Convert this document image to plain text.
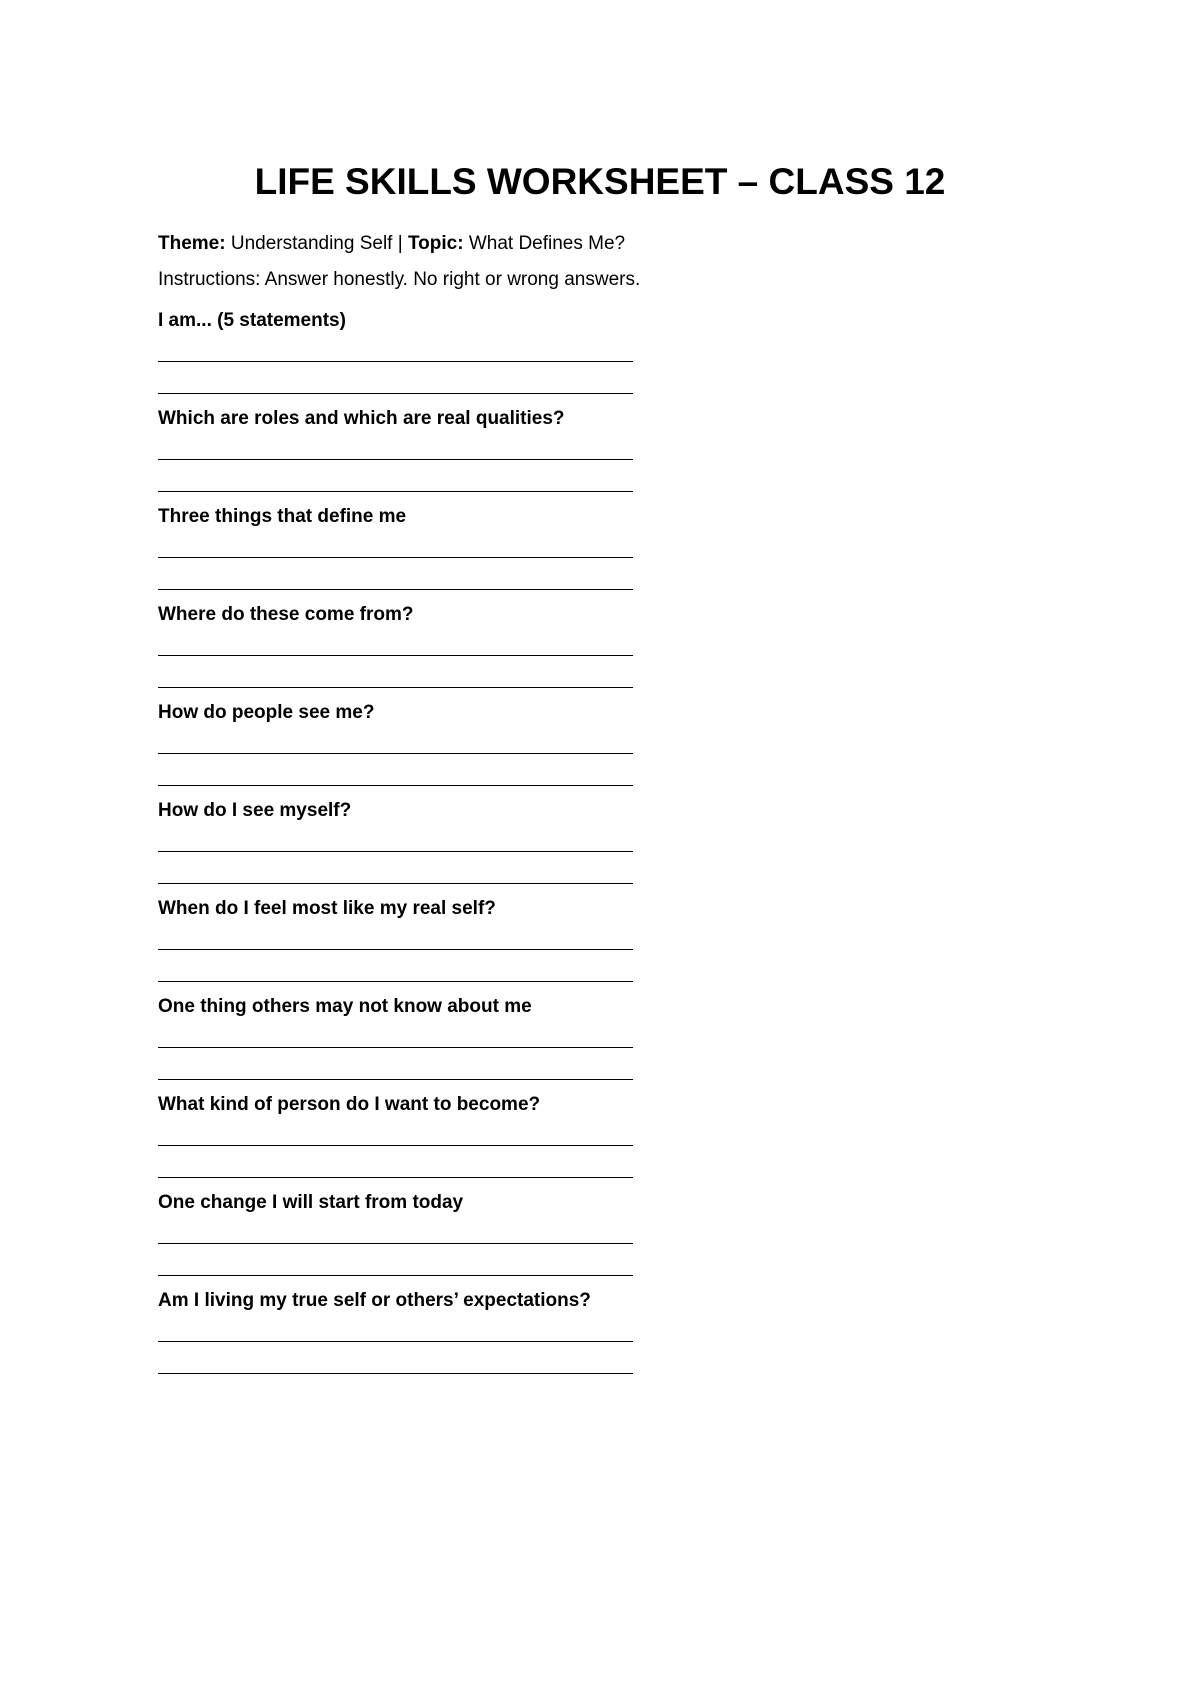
LIFE SKILLS WORKSHEET – CLASS 12
Theme: Understanding Self | Topic: What Defines Me?
Instructions: Answer honestly. No right or wrong answers.
I am... (5 statements)
Which are roles and which are real qualities?
Three things that define me
Where do these come from?
How do people see me?
How do I see myself?
When do I feel most like my real self?
One thing others may not know about me
What kind of person do I want to become?
One change I will start from today
Am I living my true self or others’ expectations?
